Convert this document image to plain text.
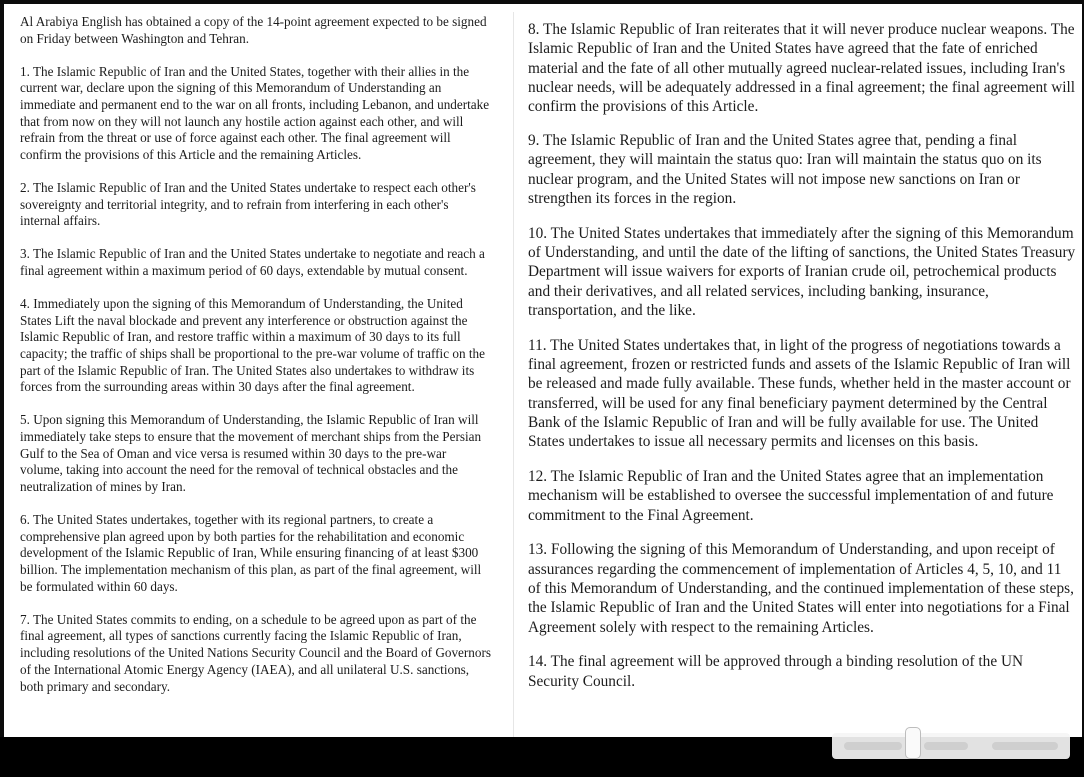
Al Arabiya English has obtained a copy of the 14-point agreement expected to be signed on Friday between Washington and Tehran.

1. The Islamic Republic of Iran and the United States, together with their allies in the current war, declare upon the signing of this Memorandum of Understanding an immediate and permanent end to the war on all fronts, including Lebanon, and undertake that from now on they will not launch any hostile action against each other, and will refrain from the threat or use of force against each other. The final agreement will confirm the provisions of this Article and the remaining Articles.

2. The Islamic Republic of Iran and the United States undertake to respect each other's sovereignty and territorial integrity, and to refrain from interfering in each other's internal affairs.

3. The Islamic Republic of Iran and the United States undertake to negotiate and reach a final agreement within a maximum period of 60 days, extendable by mutual consent.

4. Immediately upon the signing of this Memorandum of Understanding, the United States Lift the naval blockade and prevent any interference or obstruction against the Islamic Republic of Iran, and restore traffic within a maximum of 30 days to its full capacity; the traffic of ships shall be proportional to the pre-war volume of traffic on the part of the Islamic Republic of Iran. The United States also undertakes to withdraw its forces from the surrounding areas within 30 days after the final agreement.

5. Upon signing this Memorandum of Understanding, the Islamic Republic of Iran will immediately take steps to ensure that the movement of merchant ships from the Persian Gulf to the Sea of Oman and vice versa is resumed within 30 days to the pre-war volume, taking into account the need for the removal of technical obstacles and the neutralization of mines by Iran.

6. The United States undertakes, together with its regional partners, to create a comprehensive plan agreed upon by both parties for the rehabilitation and economic development of the Islamic Republic of Iran, While ensuring financing of at least $300 billion. The implementation mechanism of this plan, as part of the final agreement, will be formulated within 60 days.

7. The United States commits to ending, on a schedule to be agreed upon as part of the final agreement, all types of sanctions currently facing the Islamic Republic of Iran, including resolutions of the United Nations Security Council and the Board of Governors of the International Atomic Energy Agency (IAEA), and all unilateral U.S. sanctions, both primary and secondary.

8. The Islamic Republic of Iran reiterates that it will never produce nuclear weapons. The Islamic Republic of Iran and the United States have agreed that the fate of enriched material and the fate of all other mutually agreed nuclear-related issues, including Iran's nuclear needs, will be adequately addressed in a final agreement; the final agreement will confirm the provisions of this Article.

9. The Islamic Republic of Iran and the United States agree that, pending a final agreement, they will maintain the status quo: Iran will maintain the status quo on its nuclear program, and the United States will not impose new sanctions on Iran or strengthen its forces in the region.

10. The United States undertakes that immediately after the signing of this Memorandum of Understanding, and until the date of the lifting of sanctions, the United States Treasury Department will issue waivers for exports of Iranian crude oil, petrochemical products and their derivatives, and all related services, including banking, insurance, transportation, and the like.

11. The United States undertakes that, in light of the progress of negotiations towards a final agreement, frozen or restricted funds and assets of the Islamic Republic of Iran will be released and made fully available. These funds, whether held in the master account or transferred, will be used for any final beneficiary payment determined by the Central Bank of the Islamic Republic of Iran and will be fully available for use. The United States undertakes to issue all necessary permits and licenses on this basis.

12. The Islamic Republic of Iran and the United States agree that an implementation mechanism will be established to oversee the successful implementation of and future commitment to the Final Agreement.

13. Following the signing of this Memorandum of Understanding, and upon receipt of assurances regarding the commencement of implementation of Articles 4, 5, 10, and 11 of this Memorandum of Understanding, and the continued implementation of these steps, the Islamic Republic of Iran and the United States will enter into negotiations for a Final Agreement solely with respect to the remaining Articles.

14. The final agreement will be approved through a binding resolution of the UN Security Council.
